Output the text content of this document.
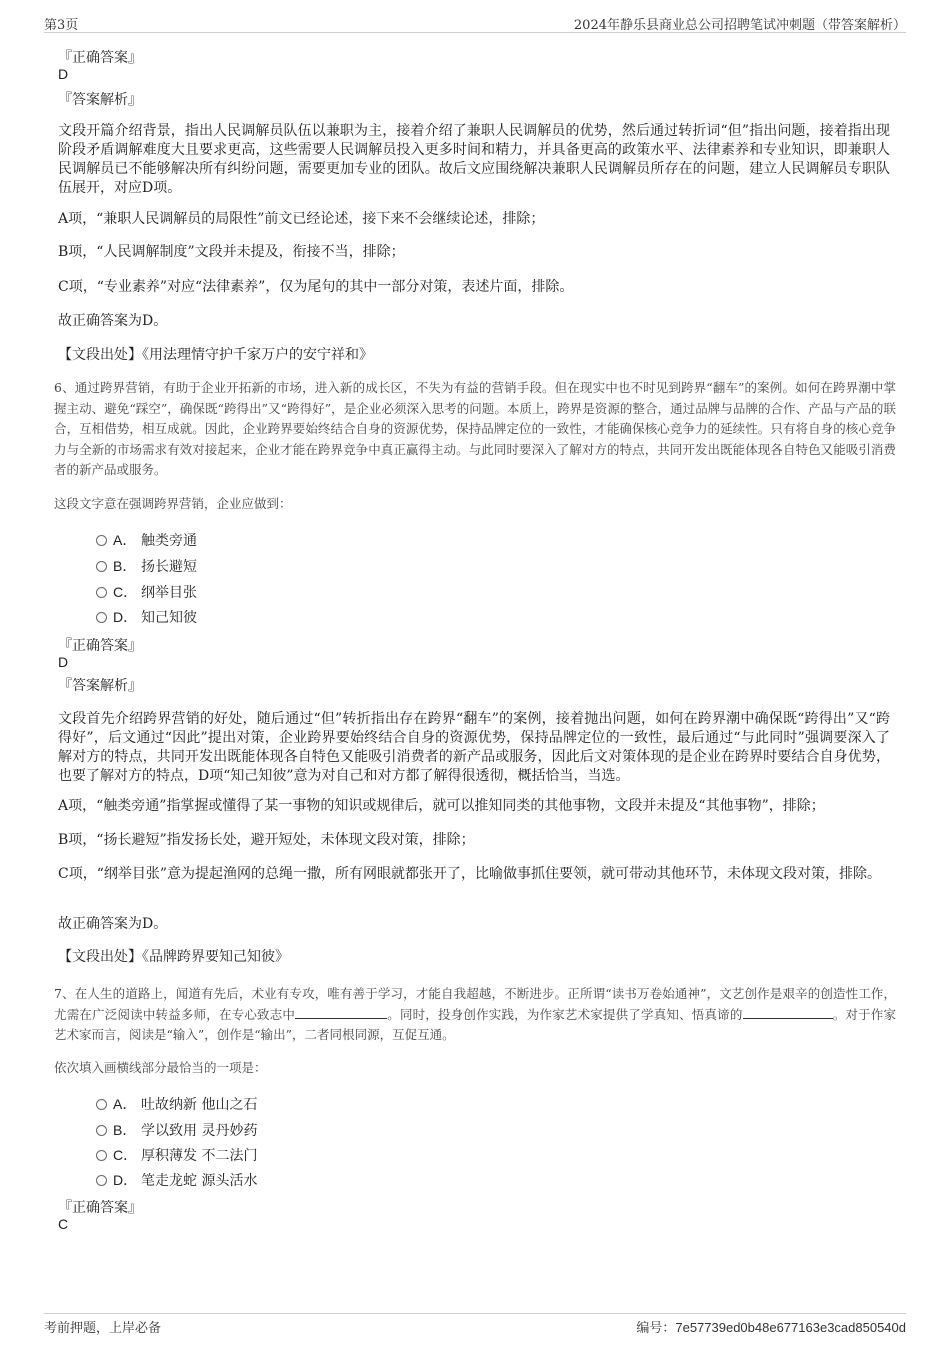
第3页	2024年静乐县商业总公司招聘笔试冲刺题（带答案解析）
『正确答案』
D
『答案解析』

文段开篇介绍背景，指出人民调解员队伍以兼职为主，接着介绍了兼职人民调解员的优势，然后通过转折词“但”指出问题，接着指出现阶段矛盾调解难度大且要求更高，这些需要人民调解员投入更多时间和精力，并具备更高的政策水平、法律素养和专业知识，即兼职人民调解员已不能够解决所有纠纷问题，需要更加专业的团队。故后文应围绕解决兼职人民调解员所存在的问题，建立人民调解员专职队伍展开，对应D项。

A项，“兼职人民调解员的局限性”前文已经论述，接下来不会继续论述，排除；

B项，“人民调解制度”文段并未提及，衔接不当，排除；

C项，“专业素养”对应“法律素养”，仅为尾句的其中一部分对策，表述片面，排除。

故正确答案为D。

【文段出处】《用法理情守护千家万户的安宁祥和》

6、通过跨界营销，有助于企业开拓新的市场，进入新的成长区，不失为有益的营销手段。但在现实中也不时见到跨界“翻车”的案例。如何在跨界潮中掌握主动、避免“踩空”，确保既“跨得出”又“跨得好”，是企业必须深入思考的问题。本质上，跨界是资源的整合，通过品牌与品牌的合作、产品与产品的联合，互相借势，相互成就。因此，企业跨界要始终结合自身的资源优势，保持品牌定位的一致性，才能确保核心竞争力的延续性。只有将自身的核心竞争力与全新的市场需求有效对接起来，企业才能在跨界竞争中真正赢得主动。与此同时要深入了解对方的特点，共同开发出既能体现各自特色又能吸引消费者的新产品或服务。

这段文字意在强调跨界营销，企业应做到：

A． 触类旁通
B． 扬长避短
C． 纲举目张
D． 知己知彼
『正确答案』
D
『答案解析』

文段首先介绍跨界营销的好处，随后通过“但”转折指出存在跨界“翻车”的案例，接着抛出问题，如何在跨界潮中确保既“跨得出”又“跨得好”，后文通过“因此”提出对策，企业跨界要始终结合自身的资源优势，保持品牌定位的一致性，最后通过“与此同时”强调要深入了解对方的特点，共同开发出既能体现各自特色又能吸引消费者的新产品或服务，因此后文对策体现的是企业在跨界时要结合自身优势，也要了解对方的特点，D项“知己知彼”意为对自己和对方都了解得很透彻，概括恰当，当选。

A项，“触类旁通”指掌握或懂得了某一事物的知识或规律后，就可以推知同类的其他事物，文段并未提及“其他事物”，排除；

B项，“扬长避短”指发扬长处，避开短处，未体现文段对策，排除；

C项，“纲举目张”意为提起渔网的总绳一撒，所有网眼就都张开了，比喻做事抓住要领，就可带动其他环节，未体现文段对策，排除。

故正确答案为D。

【文段出处】《品牌跨界要知己知彼》

7、在人生的道路上，闻道有先后，术业有专攻，唯有善于学习，才能自我超越，不断进步。正所谓“读书万卷始通神”，文艺创作是艰辛的创造性工作，尤需在广泛阅读中转益多师，在专心致志中	。同时，投身创作实践，为作家艺术家提供了学真知、悟真谛的	。对于作家艺术家而言，阅读是“输入”，创作是“输出”，二者同根同源，互促互通。

依次填入画横线部分最恰当的一项是：

A． 吐故纳新 他山之石
B． 学以致用 灵丹妙药
C． 厚积薄发 不二法门
D． 笔走龙蛇 源头活水
『正确答案』
C
考前押题，上岸必备	编号：7e57739ed0b48e677163e3cad850540d
